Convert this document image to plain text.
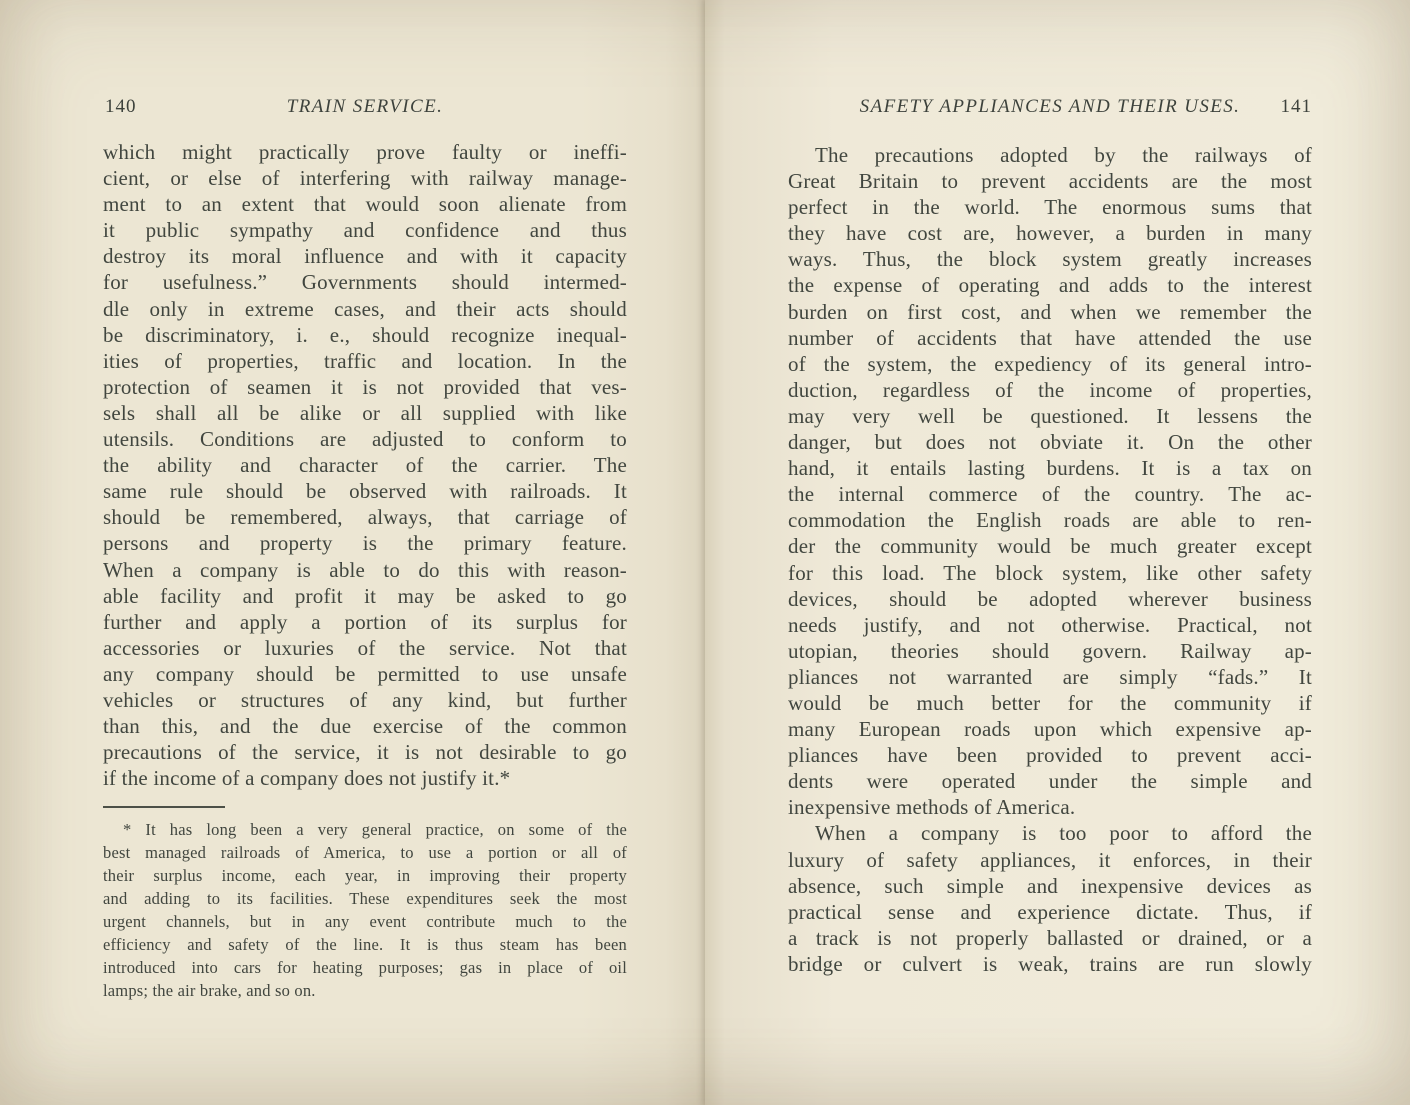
140	TRAIN SERVICE.
which might practically prove faulty or ineffi-
cient, or else of interfering with railway manage-
ment to an extent that would soon alienate from
it public sympathy and confidence and thus
destroy its moral influence and with it capacity
for usefulness.” Governments should intermed-
dle only in extreme cases, and their acts should
be discriminatory, i. e., should recognize inequal-
ities of properties, traffic and location. In the
protection of seamen it is not provided that ves-
sels shall all be alike or all supplied with like
utensils. Conditions are adjusted to conform to
the ability and character of the carrier. The
same rule should be observed with railroads. It
should be remembered, always, that carriage of
persons and property is the primary feature.
When a company is able to do this with reason-
able facility and profit it may be asked to go
further and apply a portion of its surplus for
accessories or luxuries of the service. Not that
any company should be permitted to use unsafe
vehicles or structures of any kind, but further
than this, and the due exercise of the common
precautions of the service, it is not desirable to go
if the income of a company does not justify it.*
* It has long been a very general practice, on some of the
best managed railroads of America, to use a portion or all of
their surplus income, each year, in improving their property
and adding to its facilities. These expenditures seek the most
urgent channels, but in any event contribute much to the
efficiency and safety of the line. It is thus steam has been
introduced into cars for heating purposes; gas in place of oil
lamps; the air brake, and so on.
SAFETY APPLIANCES AND THEIR USES.	141
The precautions adopted by the railways of
Great Britain to prevent accidents are the most
perfect in the world. The enormous sums that
they have cost are, however, a burden in many
ways. Thus, the block system greatly increases
the expense of operating and adds to the interest
burden on first cost, and when we remember the
number of accidents that have attended the use
of the system, the expediency of its general intro-
duction, regardless of the income of properties,
may very well be questioned. It lessens the
danger, but does not obviate it. On the other
hand, it entails lasting burdens. It is a tax on
the internal commerce of the country. The ac-
commodation the English roads are able to ren-
der the community would be much greater except
for this load. The block system, like other safety
devices, should be adopted wherever business
needs justify, and not otherwise. Practical, not
utopian, theories should govern. Railway ap-
pliances not warranted are simply “fads.” It
would be much better for the community if
many European roads upon which expensive ap-
pliances have been provided to prevent acci-
dents were operated under the simple and
inexpensive methods of America.
When a company is too poor to afford the
luxury of safety appliances, it enforces, in their
absence, such simple and inexpensive devices as
practical sense and experience dictate. Thus, if
a track is not properly ballasted or drained, or a
bridge or culvert is weak, trains are run slowly
